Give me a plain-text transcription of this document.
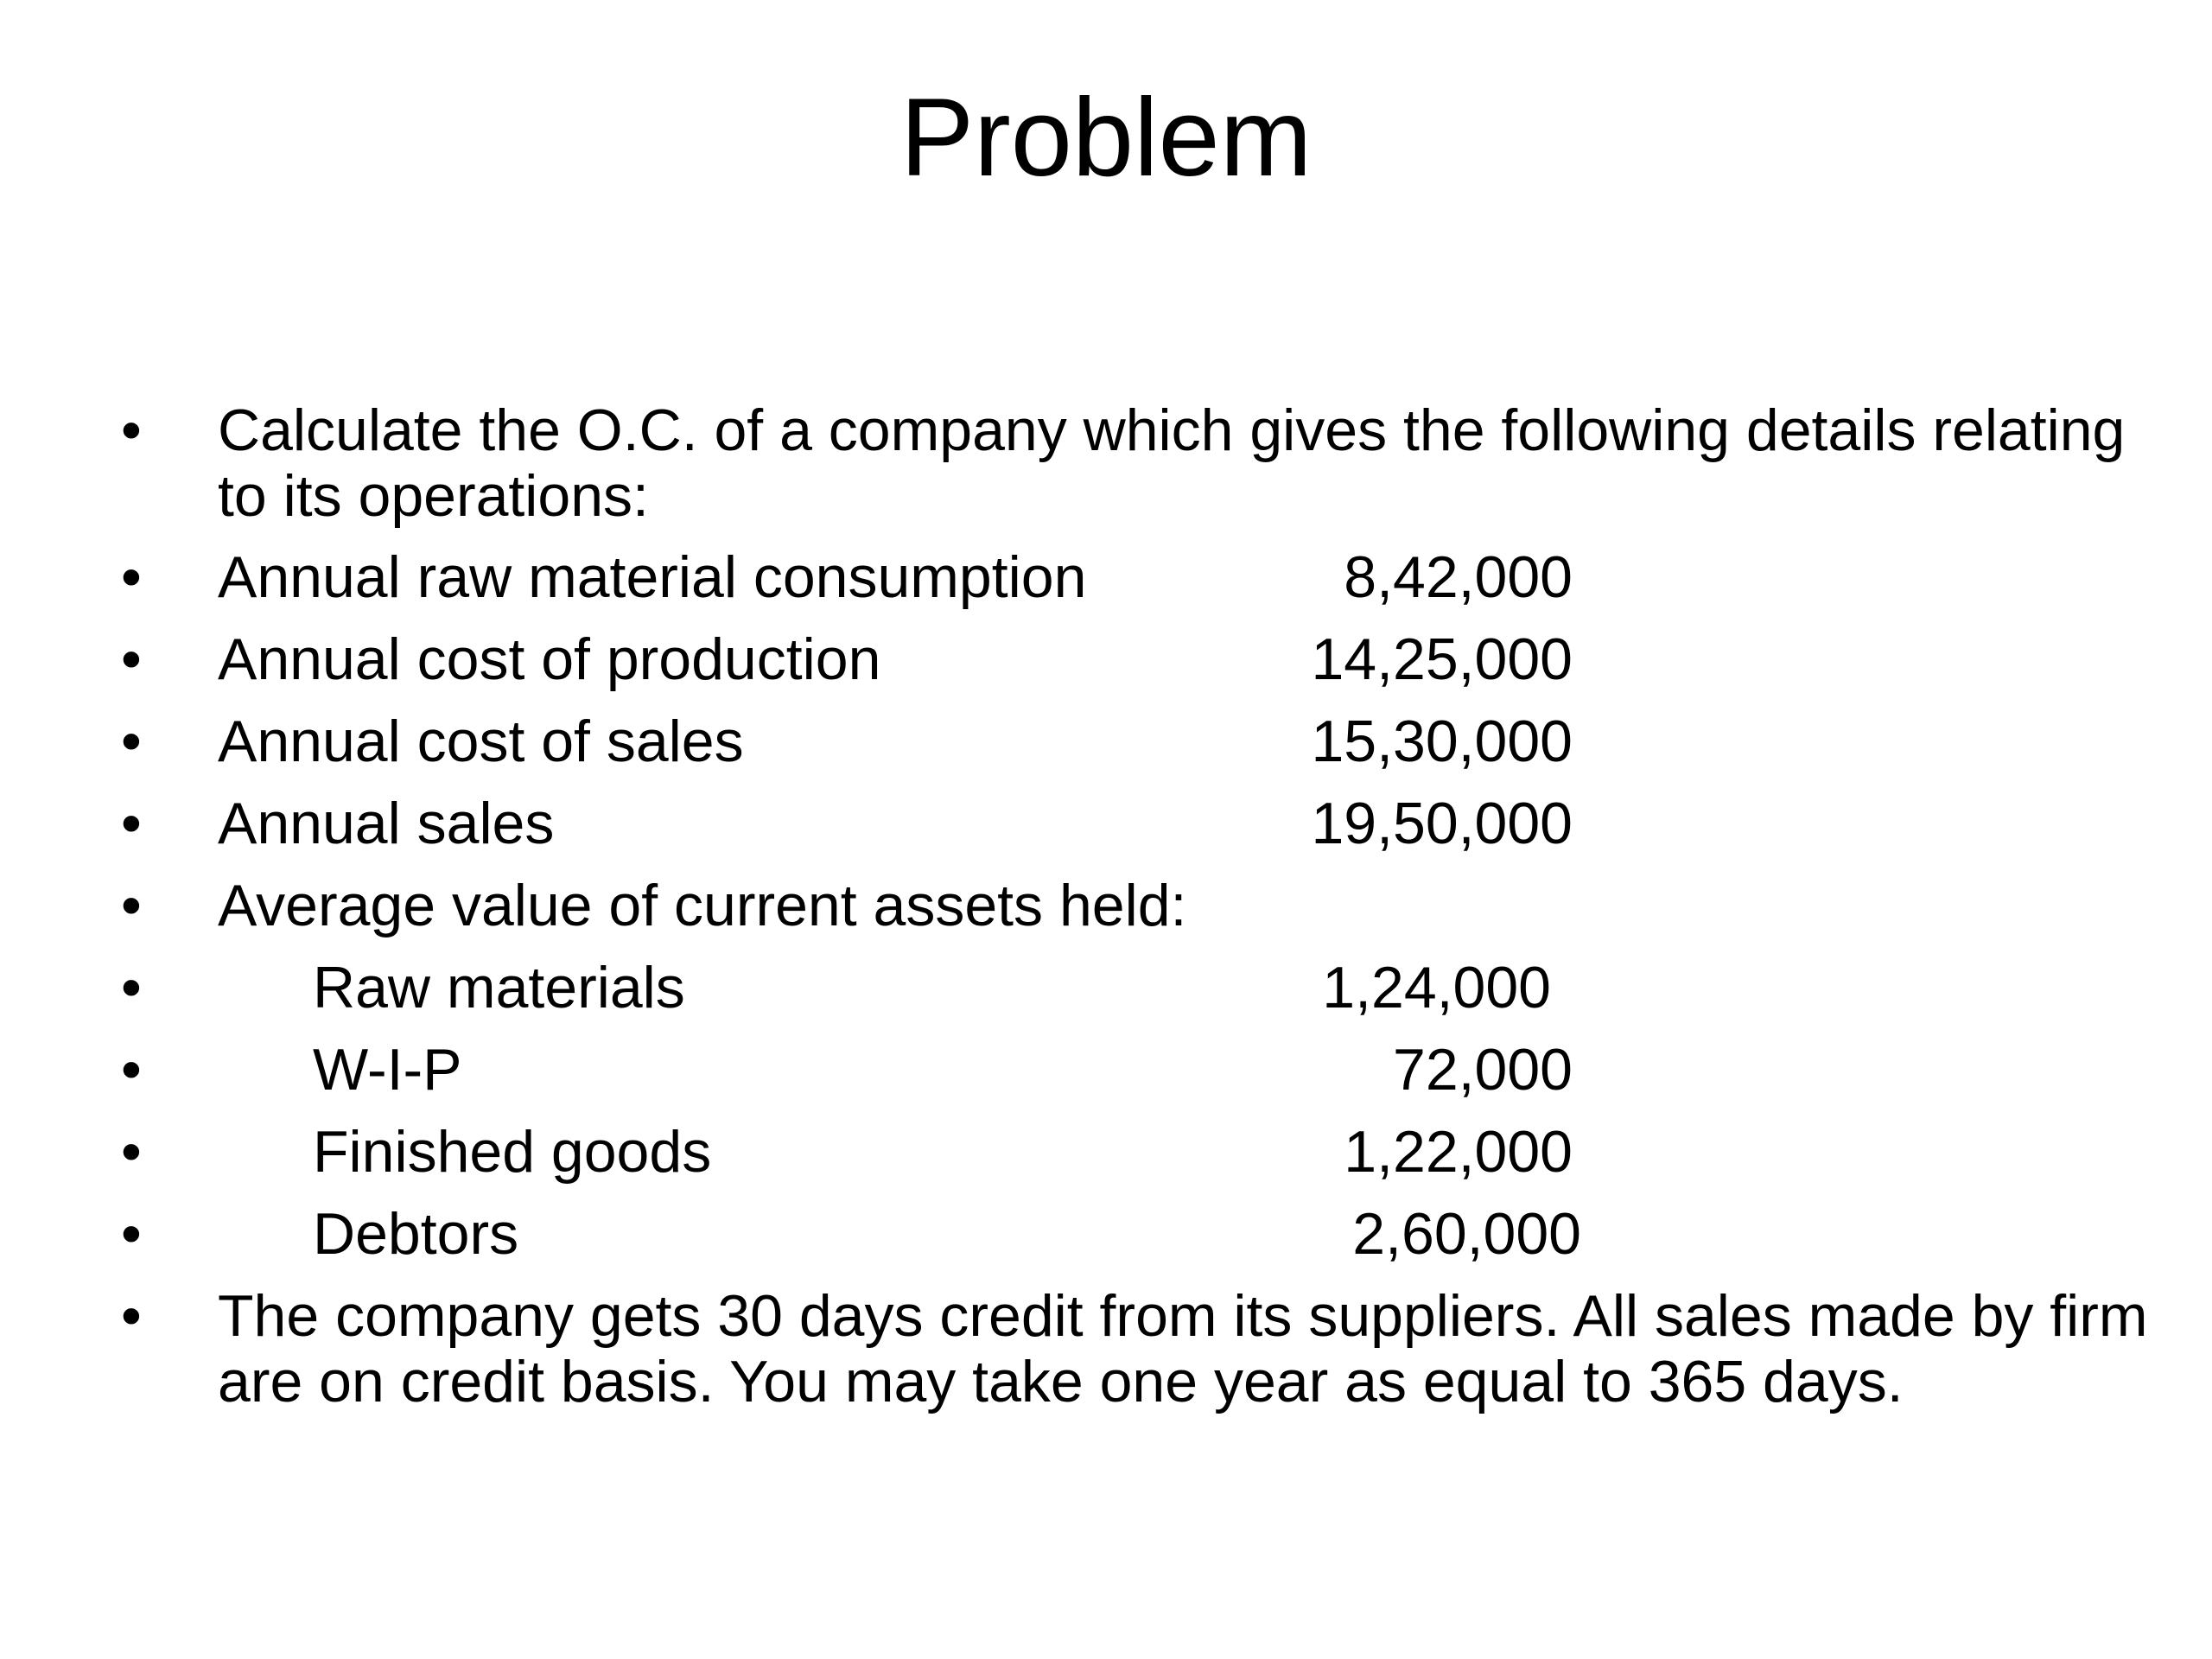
Problem
•	Calculate the O.C. of a company which gives the following details relating to its operations:
•	Annual raw material consumption	8,42,000
•	Annual cost of production	14,25,000
•	Annual cost of sales	15,30,000
•	Annual sales	19,50,000
•	Average value of current assets held:
•	Raw materials	1,24,000
•	W-I-P	72,000
•	Finished goods	1,22,000
•	Debtors	2,60,000
•	The company gets 30 days credit from its suppliers. All sales made by firm are on credit basis. You may take one year as equal to 365 days.
